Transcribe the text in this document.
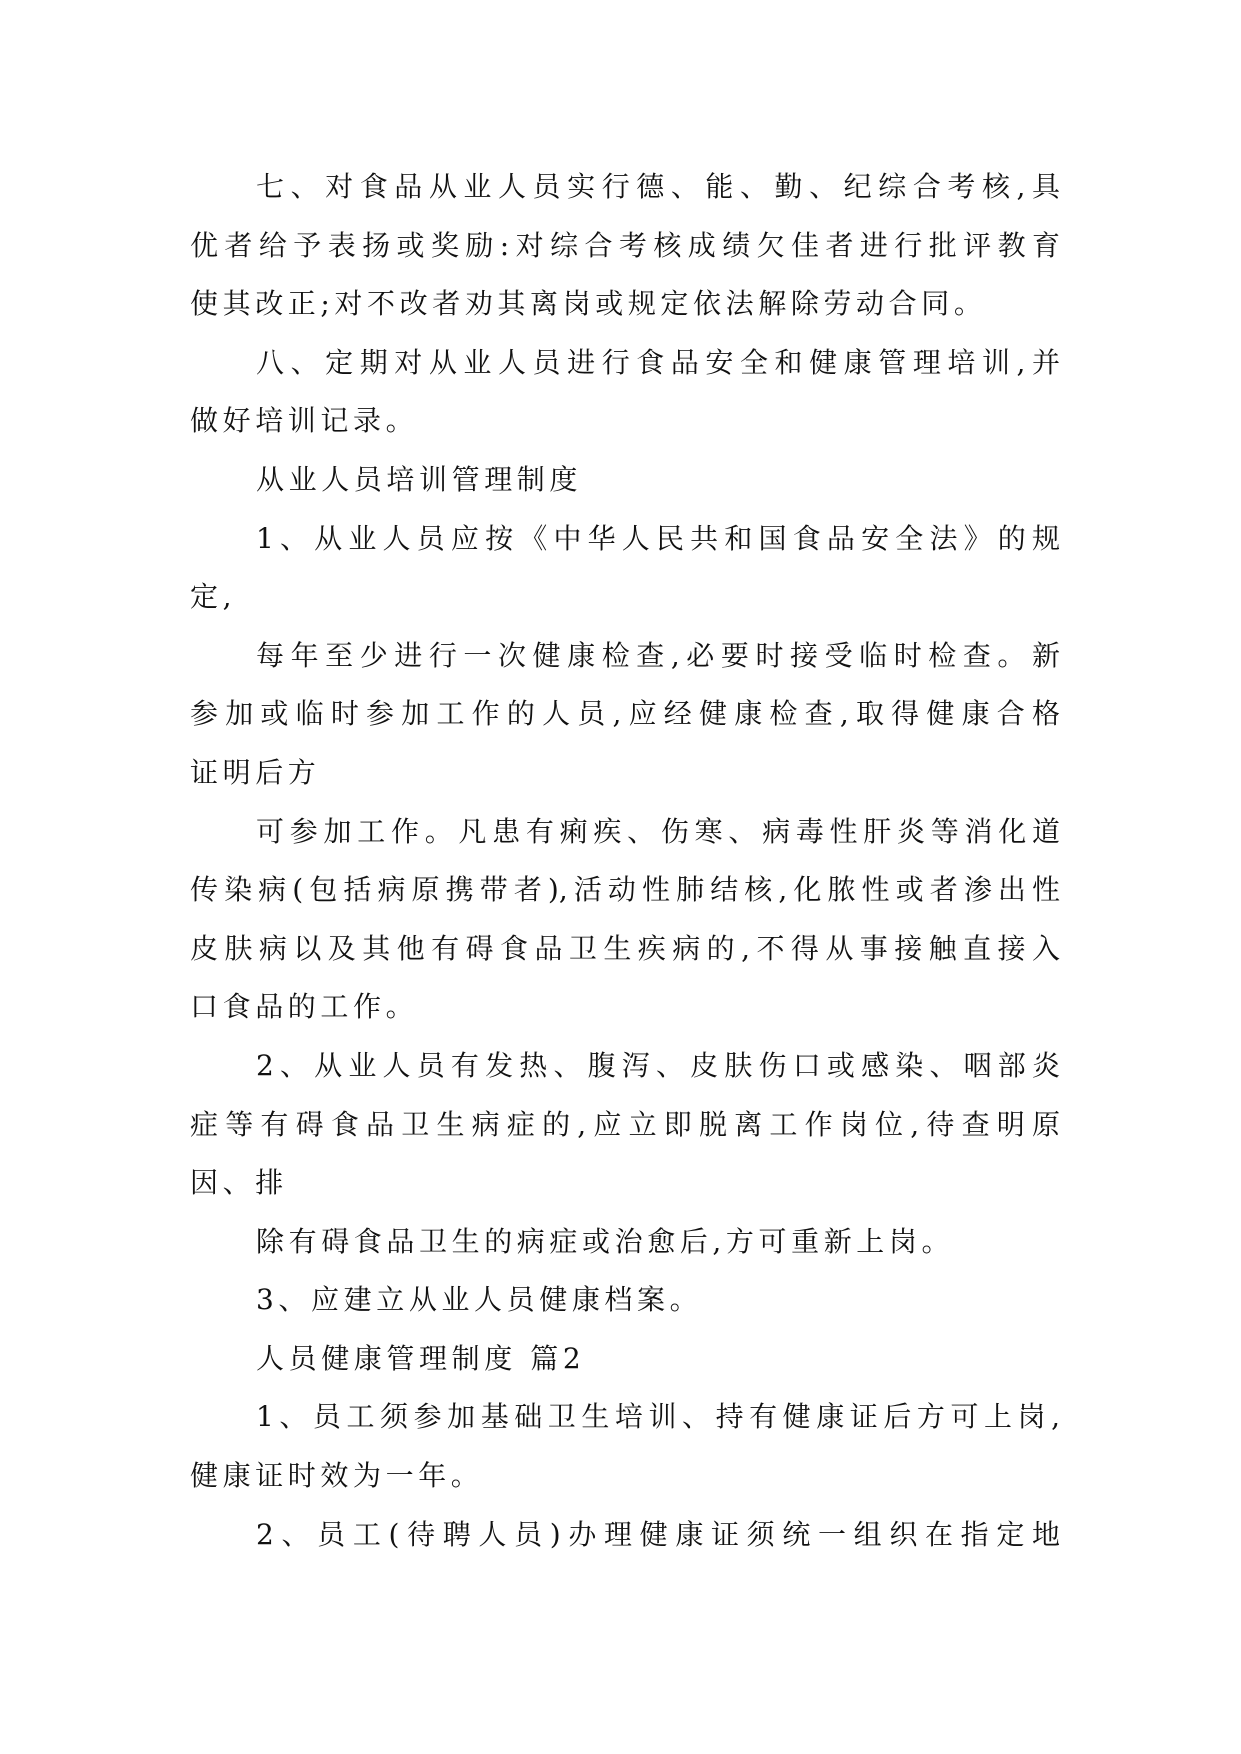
七、对食品从业人员实行德、能、勤、纪综合考核,具
优者给予表扬或奖励:对综合考核成绩欠佳者进行批评教育
使其改正;对不改者劝其离岗或规定依法解除劳动合同。
八、定期对从业人员进行食品安全和健康管理培训,并
做好培训记录。
从业人员培训管理制度
1、从业人员应按《中华人民共和国食品安全法》的规
定,
每年至少进行一次健康检查,必要时接受临时检查。新
参加或临时参加工作的人员,应经健康检查,取得健康合格
证明后方
可参加工作。凡患有痢疾、伤寒、病毒性肝炎等消化道
传染病(包括病原携带者),活动性肺结核,化脓性或者渗出性
皮肤病以及其他有碍食品卫生疾病的,不得从事接触直接入
口食品的工作。
2、从业人员有发热、腹泻、皮肤伤口或感染、咽部炎
症等有碍食品卫生病症的,应立即脱离工作岗位,待查明原
因、排
除有碍食品卫生的病症或治愈后,方可重新上岗。
3、应建立从业人员健康档案。
人员健康管理制度 篇2
1、员工须参加基础卫生培训、持有健康证后方可上岗,
健康证时效为一年。
2、员工(待聘人员)办理健康证须统一组织在指定地
